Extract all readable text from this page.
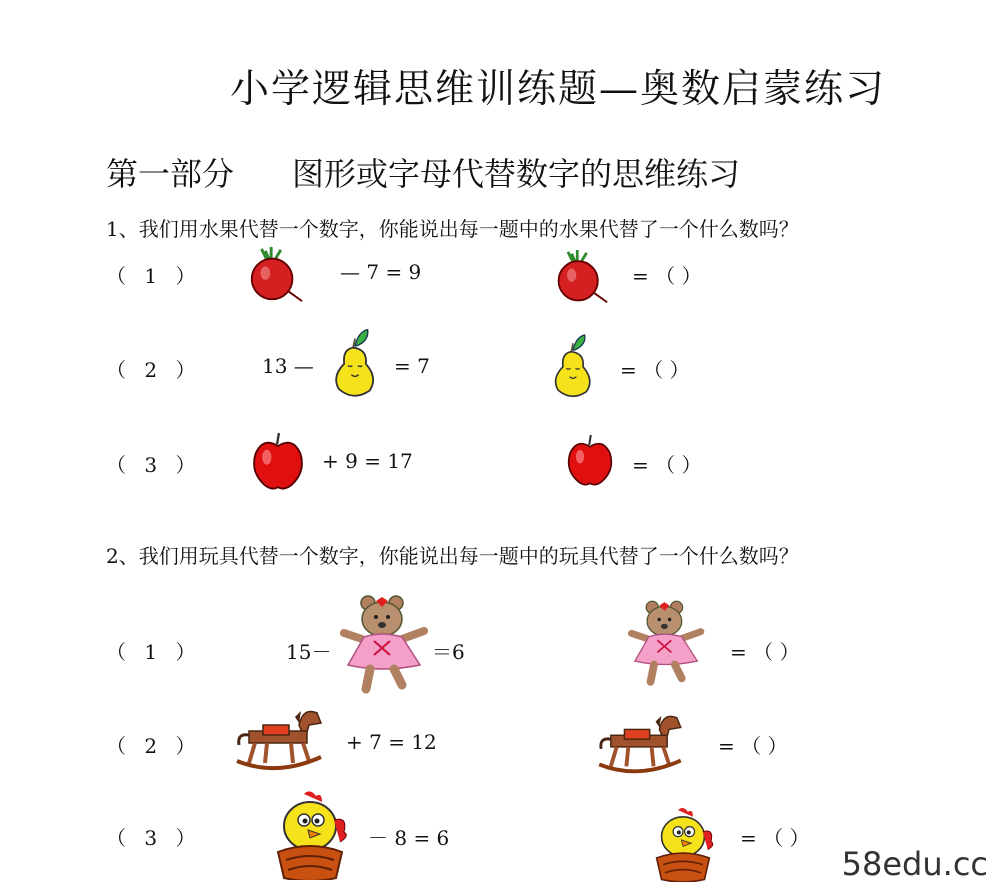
小学逻辑思维训练题—奥数启蒙练习
第一部分 图形或字母代替数字的思维练习
1、我们用水果代替一个数字，你能说出每一题中的水果代替了一个什么数吗？
（ 1 ）	— 7 = 9	= （ ）
（ 2 ）	13 —	= 7	= （ ）
（ 3 ）	+ 9 = 17	= （ ）
2、我们用玩具代替一个数字，你能说出每一题中的玩具代替了一个什么数吗？
（ 1 ）	15－	＝6	= （ ）
（ 2 ）	+ 7 = 12	= （ ）
（ 3 ）	－ 8 = 6	= （ ）
58edu.cc
